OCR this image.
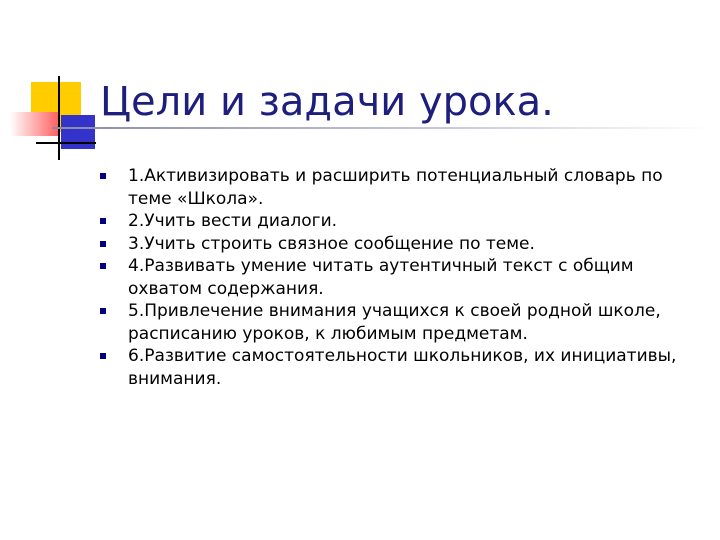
Цели и задачи урока.
1.Активизировать и расширить потенциальный словарь по теме «Школа».
2.Учить вести диалоги.
3.Учить строить связное сообщение по теме.
4.Развивать умение читать аутентичный текст с общим охватом содержания.
5.Привлечение внимания учащихся к своей родной школе, расписанию уроков, к любимым предметам.
6.Развитие самостоятельности школьников, их инициативы, внимания.
